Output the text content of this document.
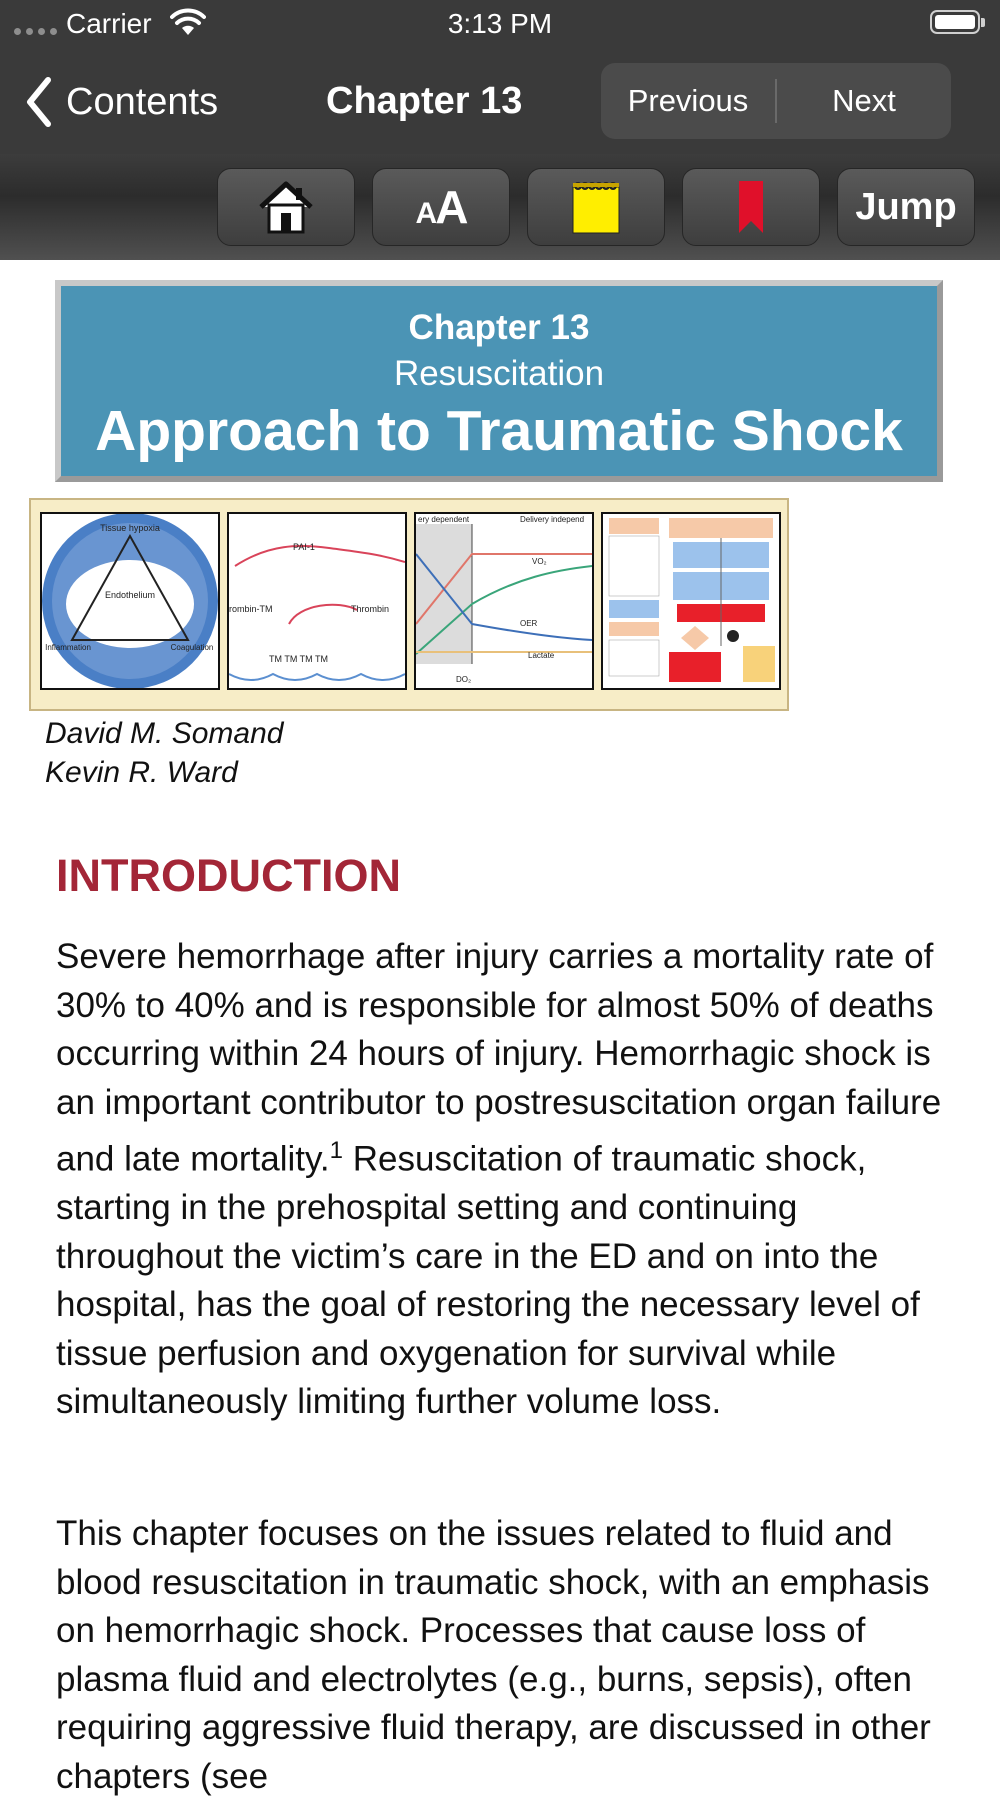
Carrier	3:13 PM
Contents	Chapter 13	Previous	Next
AA	Jump
Chapter 13
Resuscitation
Approach to Traumatic Shock
Tissue hypoxia
Endothelium
Inflammation	Coagulation
PAI-1
rombin-TM	Thrombin
TM TM TM TM
ery dependent	Delivery independ
VO₂
OER
Lactate
DO₂
David M. Somand
Kevin R. Ward
INTRODUCTION

Severe hemorrhage after injury carries a mortality rate of 30% to 40% and is responsible for almost 50% of deaths occurring within 24 hours of injury. Hemorrhagic shock is an important contributor to postresuscitation organ failure and late mortality.$^1$ Resuscitation of traumatic shock, starting in the prehospital setting and continuing throughout the victim’s care in the ED and on into the hospital, has the goal of restoring the necessary level of tissue perfusion and oxygenation for survival while simultaneously limiting further volume loss.

This chapter focuses on the issues related to fluid and blood resuscitation in traumatic shock, with an emphasis on hemorrhagic shock. Processes that cause loss of plasma fluid and electrolytes (e.g., burns, sepsis), often requiring aggressive fluid therapy, are discussed in other chapters (see
